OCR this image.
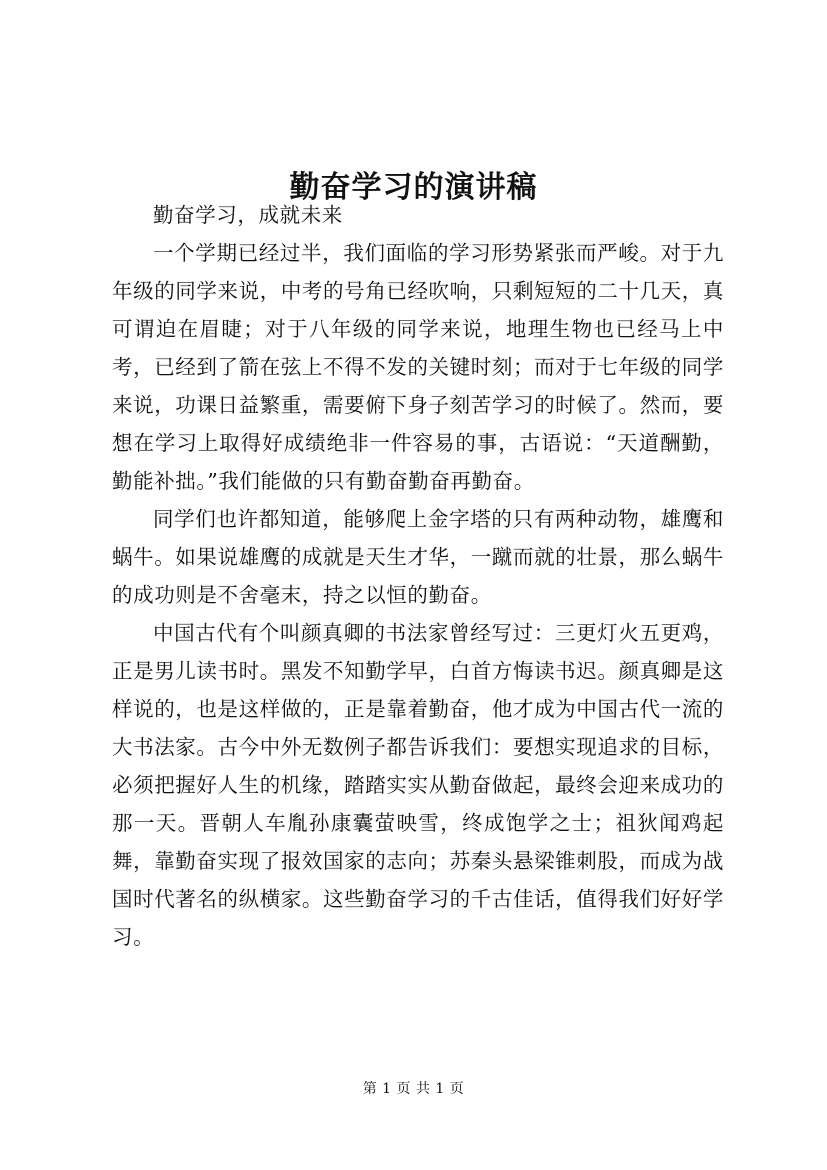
勤奋学习的演讲稿

勤奋学习，成就未来

一个学期已经过半，我们面临的学习形势紧张而严峻。对于九年级的同学来说，中考的号角已经吹响，只剩短短的二十几天，真可谓迫在眉睫；对于八年级的同学来说，地理生物也已经马上中考，已经到了箭在弦上不得不发的关键时刻；而对于七年级的同学来说，功课日益繁重，需要俯下身子刻苦学习的时候了。然而，要想在学习上取得好成绩绝非一件容易的事，古语说：“天道酬勤，勤能补拙。”我们能做的只有勤奋勤奋再勤奋。

同学们也许都知道，能够爬上金字塔的只有两种动物，雄鹰和蜗牛。如果说雄鹰的成就是天生才华，一蹴而就的壮景，那么蜗牛的成功则是不舍毫末，持之以恒的勤奋。

中国古代有个叫颜真卿的书法家曾经写过：三更灯火五更鸡，正是男儿读书时。黑发不知勤学早，白首方悔读书迟。颜真卿是这样说的，也是这样做的，正是靠着勤奋，他才成为中国古代一流的大书法家。古今中外无数例子都告诉我们：要想实现追求的目标，必须把握好人生的机缘，踏踏实实从勤奋做起，最终会迎来成功的那一天。晋朝人车胤孙康囊萤映雪，终成饱学之士；祖狄闻鸡起舞，靠勤奋实现了报效国家的志向；苏秦头悬梁锥刺股，而成为战国时代著名的纵横家。这些勤奋学习的千古佳话，值得我们好好学习。

第 1 页 共 1 页
